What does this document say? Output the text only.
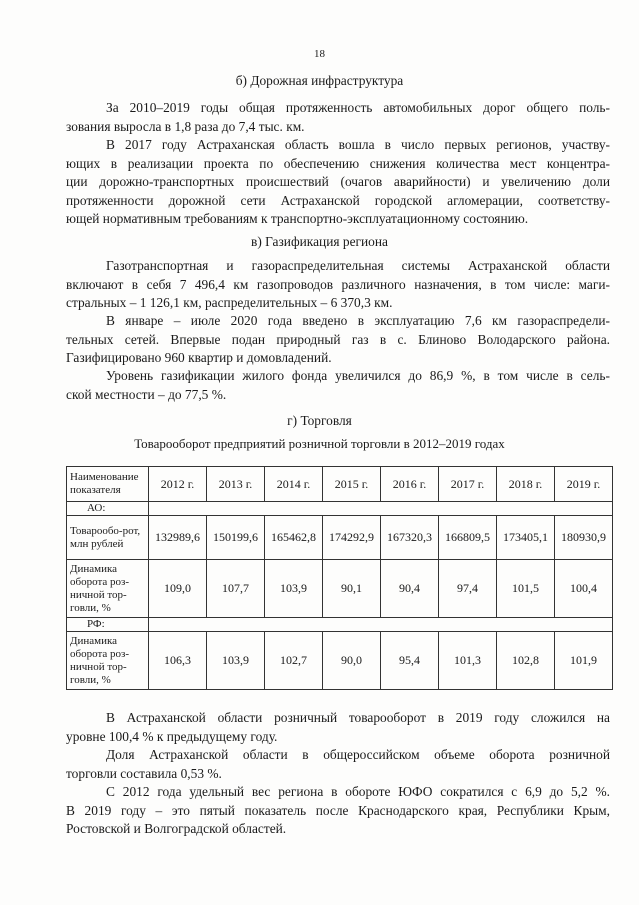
18
б) Дорожная инфраструктура

За 2010–2019 годы общая протяженность автомобильных дорог общего поль-
зования выросла в 1,8 раза до 7,4 тыс. км.

В 2017 году Астраханская область вошла в число первых регионов, участву-
ющих в реализации проекта по обеспечению снижения количества мест концентра-
ции дорожно-транспортных происшествий (очагов аварийности) и увеличению доли
протяженности дорожной сети Астраханской городской агломерации, соответству-
ющей нормативным требованиям к транспортно-эксплуатационному состоянию.

в) Газификация региона

Газотранспортная и газораспределительная системы Астраханской области
включают в себя 7 496,4 км газопроводов различного назначения, в том числе: маги-
стральных – 1 126,1 км, распределительных – 6 370,3 км.

В январе – июле 2020 года введено в эксплуатацию 7,6 км газораспредели-
тельных сетей. Впервые подан природный газ в с. Блиново Володарского района.
Газифицировано 960 квартир и домовладений.

Уровень газификации жилого фонда увеличился до 86,9 %, в том числе в сель-
ской местности – до 77,5 %.

г) Торговля
Товарооборот предприятий розничной торговли в 2012–2019 годах
Наименование показателя	2012 г.	2013 г.	2014 г.	2015 г.	2016 г.	2017 г.	2018 г.	2019 г.
АО:								
Товарообо-рот, млн рублей	132989,6	150199,6	165462,8	174292,9	167320,3	166809,5	173405,1	180930,9
Динамика оборота роз-ничной тор-говли, %	109,0	107,7	103,9	90,1	90,4	97,4	101,5	100,4
РФ:								
Динамика оборота роз-ничной тор-говли, %	106,3	103,9	102,7	90,0	95,4	101,3	102,8	101,9

В Астраханской области розничный товарооборот в 2019 году сложился на
уровне 100,4 % к предыдущему году.

Доля Астраханской области в общероссийском объеме оборота розничной
торговли составила 0,53 %.

С 2012 года удельный вес региона в обороте ЮФО сократился с 6,9 до 5,2 %.
В 2019 году – это пятый показатель после Краснодарского края, Республики Крым,
Ростовской и Волгоградской областей.
